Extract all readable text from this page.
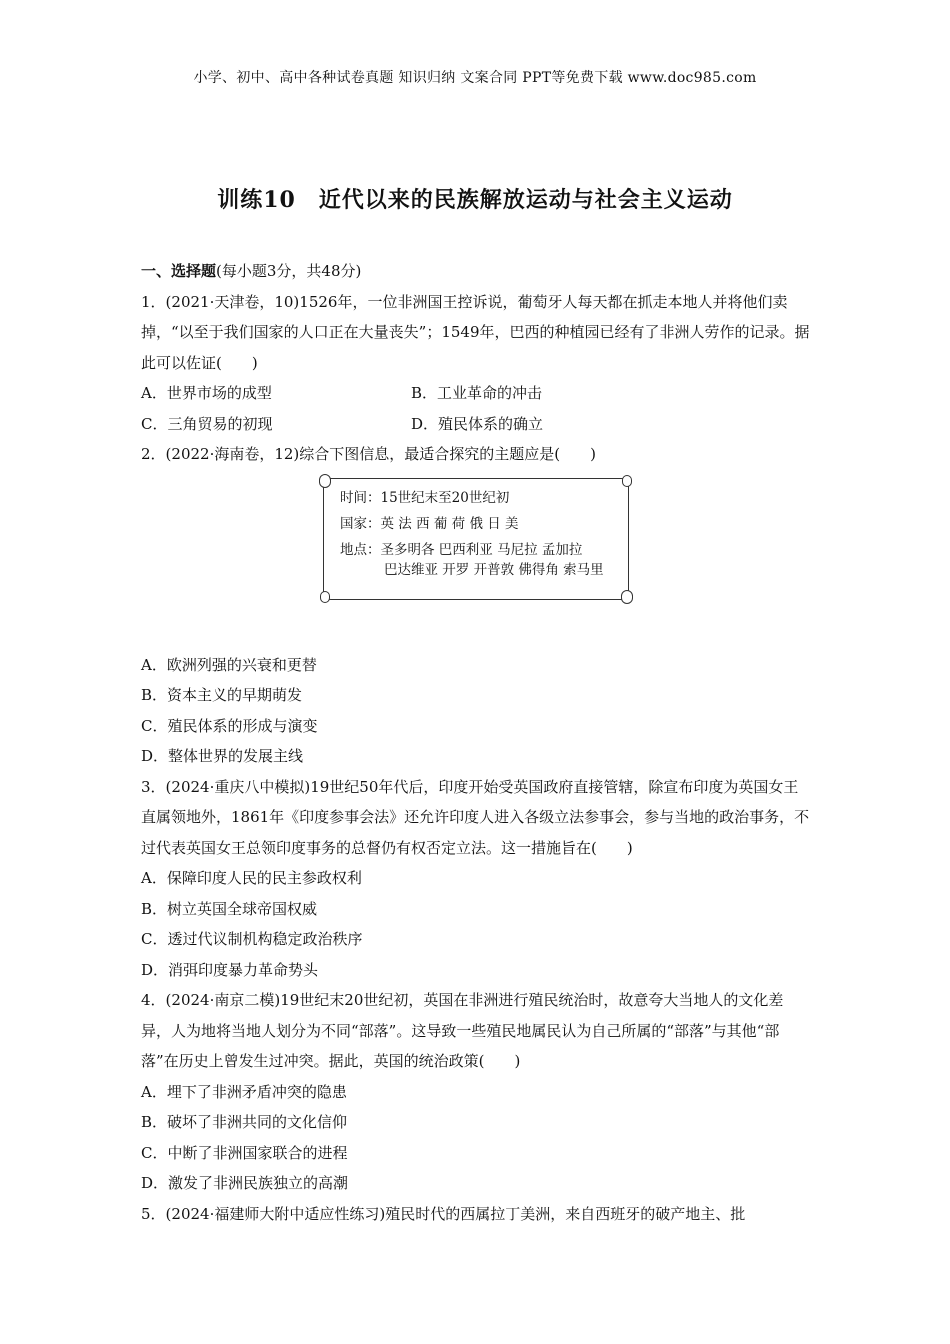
小学、初中、高中各种试卷真题 知识归纳 文案合同 PPT等免费下载 www.doc985.com
训练10　近代以来的民族解放运动与社会主义运动

一、选择题(每小题3分，共48分)

1．(2021·天津卷，10)1526年，一位非洲国王控诉说，葡萄牙人每天都在抓走本地人并将他们卖掉，“以至于我们国家的人口正在大量丧失”；1549年，巴西的种植园已经有了非洲人劳作的记录。据此可以佐证(　　)

A．世界市场的成型	B．工业革命的冲击
C．三角贸易的初现	D．殖民体系的确立

2．(2022·海南卷，12)综合下图信息，最适合探究的主题应是(　　)

时间：15世纪末至20世纪初
国家：英 法 西 葡 荷 俄 日 美
地点：圣多明各 巴西利亚 马尼拉 孟加拉
巴达维亚 开罗 开普敦 佛得角 索马里

A．欧洲列强的兴衰和更替

B．资本主义的早期萌发

C．殖民体系的形成与演变

D．整体世界的发展主线

3．(2024·重庆八中模拟)19世纪50年代后，印度开始受英国政府直接管辖，除宣布印度为英国女王直属领地外，1861年《印度参事会法》还允许印度人进入各级立法参事会，参与当地的政治事务，不过代表英国女王总领印度事务的总督仍有权否定立法。这一措施旨在(　　)

A．保障印度人民的民主参政权利

B．树立英国全球帝国权威

C．透过代议制机构稳定政治秩序

D．消弭印度暴力革命势头

4．(2024·南京二模)19世纪末20世纪初，英国在非洲进行殖民统治时，故意夸大当地人的文化差异，人为地将当地人划分为不同“部落”。这导致一些殖民地属民认为自己所属的“部落”与其他“部落”在历史上曾发生过冲突。据此，英国的统治政策(　　)

A．埋下了非洲矛盾冲突的隐患

B．破坏了非洲共同的文化信仰

C．中断了非洲国家联合的进程

D．激发了非洲民族独立的高潮

5．(2024·福建师大附中适应性练习)殖民时代的西属拉丁美洲，来自西班牙的破产地主、批
